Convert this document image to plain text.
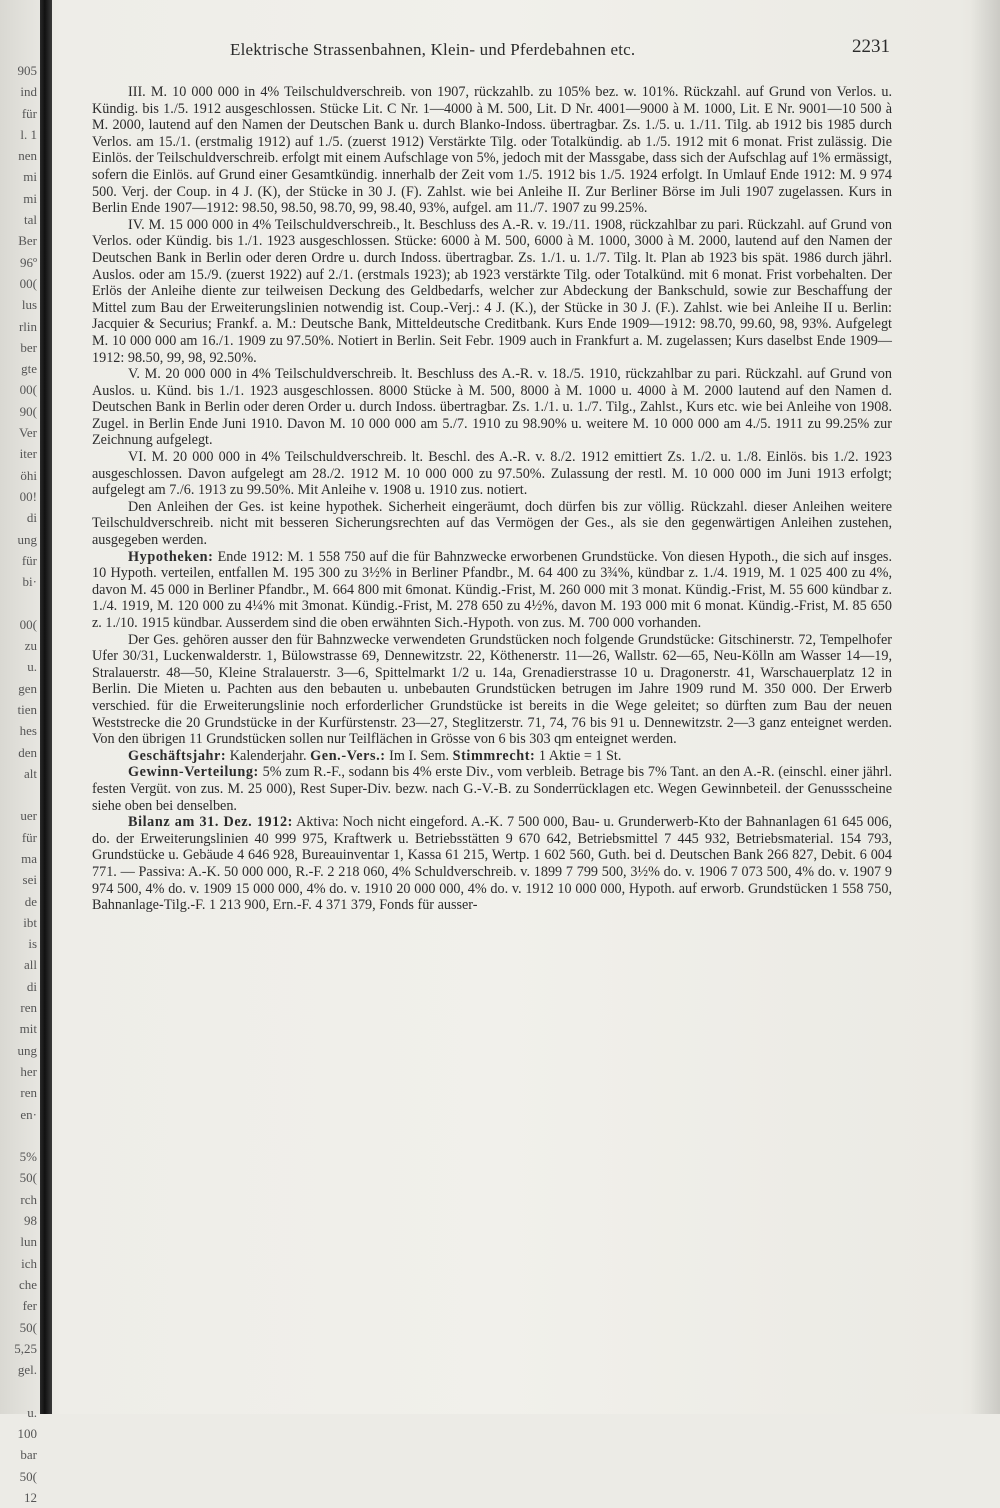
905
ind
für
l. 1
nen
mi
mi
tal
Ber
96º
00(
lus
rlin
ber
gte
00(
90(
Ver
iter
öhi
00!
di
ung
für
bi·

00(
zu
u.
gen
tien
hes
den
alt

uer
für
ma
sei
de
ibt
is
all
di
ren
mit
ung
her
ren
en·

5%
50(
rch
98
lun
ich
che
fer
50(
5,25
gel.

u.
100
bar
50(
12
Elektrische Strassenbahnen, Klein- und Pferdebahnen etc.	2231

III. M. 10 000 000 in 4% Teilschuldverschreib. von 1907, rückzahlb. zu 105% bez. w. 101%. Rückzahl. auf Grund von Verlos. u. Kündig. bis 1./5. 1912 ausgeschlossen. Stücke Lit. C Nr. 1—4000 à M. 500, Lit. D Nr. 4001—9000 à M. 1000, Lit. E Nr. 9001—10 500 à M. 2000, lautend auf den Namen der Deutschen Bank u. durch Blanko-Indoss. übertragbar. Zs. 1./5. u. 1./11. Tilg. ab 1912 bis 1985 durch Verlos. am 15./1. (erstmalig 1912) auf 1./5. (zuerst 1912) Verstärkte Tilg. oder Totalkündig. ab 1./5. 1912 mit 6 monat. Frist zulässig. Die Einlös. der Teilschuldverschreib. erfolgt mit einem Aufschlage von 5%, jedoch mit der Massgabe, dass sich der Aufschlag auf 1% ermässigt, sofern die Einlös. auf Grund einer Gesamtkündig. innerhalb der Zeit vom 1./5. 1912 bis 1./5. 1924 erfolgt. In Umlauf Ende 1912: M. 9 974 500. Verj. der Coup. in 4 J. (K), der Stücke in 30 J. (F). Zahlst. wie bei Anleihe II. Zur Berliner Börse im Juli 1907 zugelassen. Kurs in Berlin Ende 1907—1912: 98.50, 98.50, 98.70, 99, 98.40, 93%, aufgel. am 11./7. 1907 zu 99.25%.

IV. M. 15 000 000 in 4% Teilschuldverschreib., lt. Beschluss des A.-R. v. 19./11. 1908, rückzahlbar zu pari. Rückzahl. auf Grund von Verlos. oder Kündig. bis 1./1. 1923 ausgeschlossen. Stücke: 6000 à M. 500, 6000 à M. 1000, 3000 à M. 2000, lautend auf den Namen der Deutschen Bank in Berlin oder deren Ordre u. durch Indoss. übertragbar. Zs. 1./1. u. 1./7. Tilg. lt. Plan ab 1923 bis spät. 1986 durch jährl. Auslos. oder am 15./9. (zuerst 1922) auf 2./1. (erstmals 1923); ab 1923 verstärkte Tilg. oder Totalkünd. mit 6 monat. Frist vorbehalten. Der Erlös der Anleihe diente zur teilweisen Deckung des Geldbedarfs, welcher zur Abdeckung der Bankschuld, sowie zur Beschaffung der Mittel zum Bau der Erweiterungslinien notwendig ist. Coup.-Verj.: 4 J. (K.), der Stücke in 30 J. (F.). Zahlst. wie bei Anleihe II u. Berlin: Jacquier & Securius; Frankf. a. M.: Deutsche Bank, Mitteldeutsche Creditbank. Kurs Ende 1909—1912: 98.70, 99.60, 98, 93%. Aufgelegt M. 10 000 000 am 16./1. 1909 zu 97.50%. Notiert in Berlin. Seit Febr. 1909 auch in Frankfurt a. M. zugelassen; Kurs daselbst Ende 1909—1912: 98.50, 99, 98, 92.50%.

V. M. 20 000 000 in 4% Teilschuldverschreib. lt. Beschluss des A.-R. v. 18./5. 1910, rückzahlbar zu pari. Rückzahl. auf Grund von Auslos. u. Künd. bis 1./1. 1923 ausgeschlossen. 8000 Stücke à M. 500, 8000 à M. 1000 u. 4000 à M. 2000 lautend auf den Namen d. Deutschen Bank in Berlin oder deren Order u. durch Indoss. übertragbar. Zs. 1./1. u. 1./7. Tilg., Zahlst., Kurs etc. wie bei Anleihe von 1908. Zugel. in Berlin Ende Juni 1910. Davon M. 10 000 000 am 5./7. 1910 zu 98.90% u. weitere M. 10 000 000 am 4./5. 1911 zu 99.25% zur Zeichnung aufgelegt.

VI. M. 20 000 000 in 4% Teilschuldverschreib. lt. Beschl. des A.-R. v. 8./2. 1912 emittiert Zs. 1./2. u. 1./8. Einlös. bis 1./2. 1923 ausgeschlossen. Davon aufgelegt am 28./2. 1912 M. 10 000 000 zu 97.50%. Zulassung der restl. M. 10 000 000 im Juni 1913 erfolgt; aufgelegt am 7./6. 1913 zu 99.50%. Mit Anleihe v. 1908 u. 1910 zus. notiert.

Den Anleihen der Ges. ist keine hypothek. Sicherheit eingeräumt, doch dürfen bis zur völlig. Rückzahl. dieser Anleihen weitere Teilschuldverschreib. nicht mit besseren Sicherungsrechten auf das Vermögen der Ges., als sie den gegenwärtigen Anleihen zustehen, ausgegeben werden.

Hypotheken: Ende 1912: M. 1 558 750 auf die für Bahnzwecke erworbenen Grundstücke. Von diesen Hypoth., die sich auf insges. 10 Hypoth. verteilen, entfallen M. 195 300 zu 3½% in Berliner Pfandbr., M. 64 400 zu 3¾%, kündbar z. 1./4. 1919, M. 1 025 400 zu 4%, davon M. 45 000 in Berliner Pfandbr., M. 664 800 mit 6monat. Kündig.-Frist, M. 260 000 mit 3 monat. Kündig.-Frist, M. 55 600 kündbar z. 1./4. 1919, M. 120 000 zu 4¼% mit 3monat. Kündig.-Frist, M. 278 650 zu 4½%, davon M. 193 000 mit 6 monat. Kündig.-Frist, M. 85 650 z. 1./10. 1915 kündbar. Ausserdem sind die oben erwähnten Sich.-Hypoth. von zus. M. 700 000 vorhanden.

Der Ges. gehören ausser den für Bahnzwecke verwendeten Grundstücken noch folgende Grundstücke: Gitschinerstr. 72, Tempelhofer Ufer 30/31, Luckenwalderstr. 1, Bülowstrasse 69, Dennewitzstr. 22, Köthenerstr. 11—26, Wallstr. 62—65, Neu-Kölln am Wasser 14—19, Stralauerstr. 48—50, Kleine Stralauerstr. 3—6, Spittelmarkt 1/2 u. 14a, Grenadierstrasse 10 u. Dragonerstr. 41, Warschauerplatz 12 in Berlin. Die Mieten u. Pachten aus den bebauten u. unbebauten Grundstücken betrugen im Jahre 1909 rund M. 350 000. Der Erwerb verschied. für die Erweiterungslinie noch erforderlicher Grundstücke ist bereits in die Wege geleitet; so dürften zum Bau der neuen Weststrecke die 20 Grundstücke in der Kurfürstenstr. 23—27, Steglitzerstr. 71, 74, 76 bis 91 u. Dennewitzstr. 2—3 ganz enteignet werden. Von den übrigen 11 Grundstücken sollen nur Teilflächen in Grösse von 6 bis 303 qm enteignet werden.

Geschäftsjahr: Kalenderjahr. Gen.-Vers.: Im I. Sem. Stimmrecht: 1 Aktie = 1 St.

Gewinn-Verteilung: 5% zum R.-F., sodann bis 4% erste Div., vom verbleib. Betrage bis 7% Tant. an den A.-R. (einschl. einer jährl. festen Vergüt. von zus. M. 25 000), Rest Super-Div. bezw. nach G.-V.-B. zu Sonderrücklagen etc. Wegen Gewinnbeteil. der Genussscheine siehe oben bei denselben.

Bilanz am 31. Dez. 1912: Aktiva: Noch nicht eingeford. A.-K. 7 500 000, Bau- u. Grunderwerb-Kto der Bahnanlagen 61 645 006, do. der Erweiterungslinien 40 999 975, Kraftwerk u. Betriebsstätten 9 670 642, Betriebsmittel 7 445 932, Betriebsmaterial. 154 793, Grundstücke u. Gebäude 4 646 928, Bureauinventar 1, Kassa 61 215, Wertp. 1 602 560, Guth. bei d. Deutschen Bank 266 827, Debit. 6 004 771. — Passiva: A.-K. 50 000 000, R.-F. 2 218 060, 4% Schuldverschreib. v. 1899 7 799 500, 3½% do. v. 1906 7 073 500, 4% do. v. 1907 9 974 500, 4% do. v. 1909 15 000 000, 4% do. v. 1910 20 000 000, 4% do. v. 1912 10 000 000, Hypoth. auf erworb. Grundstücken 1 558 750, Bahnanlage-Tilg.-F. 1 213 900, Ern.-F. 4 371 379, Fonds für ausser-
